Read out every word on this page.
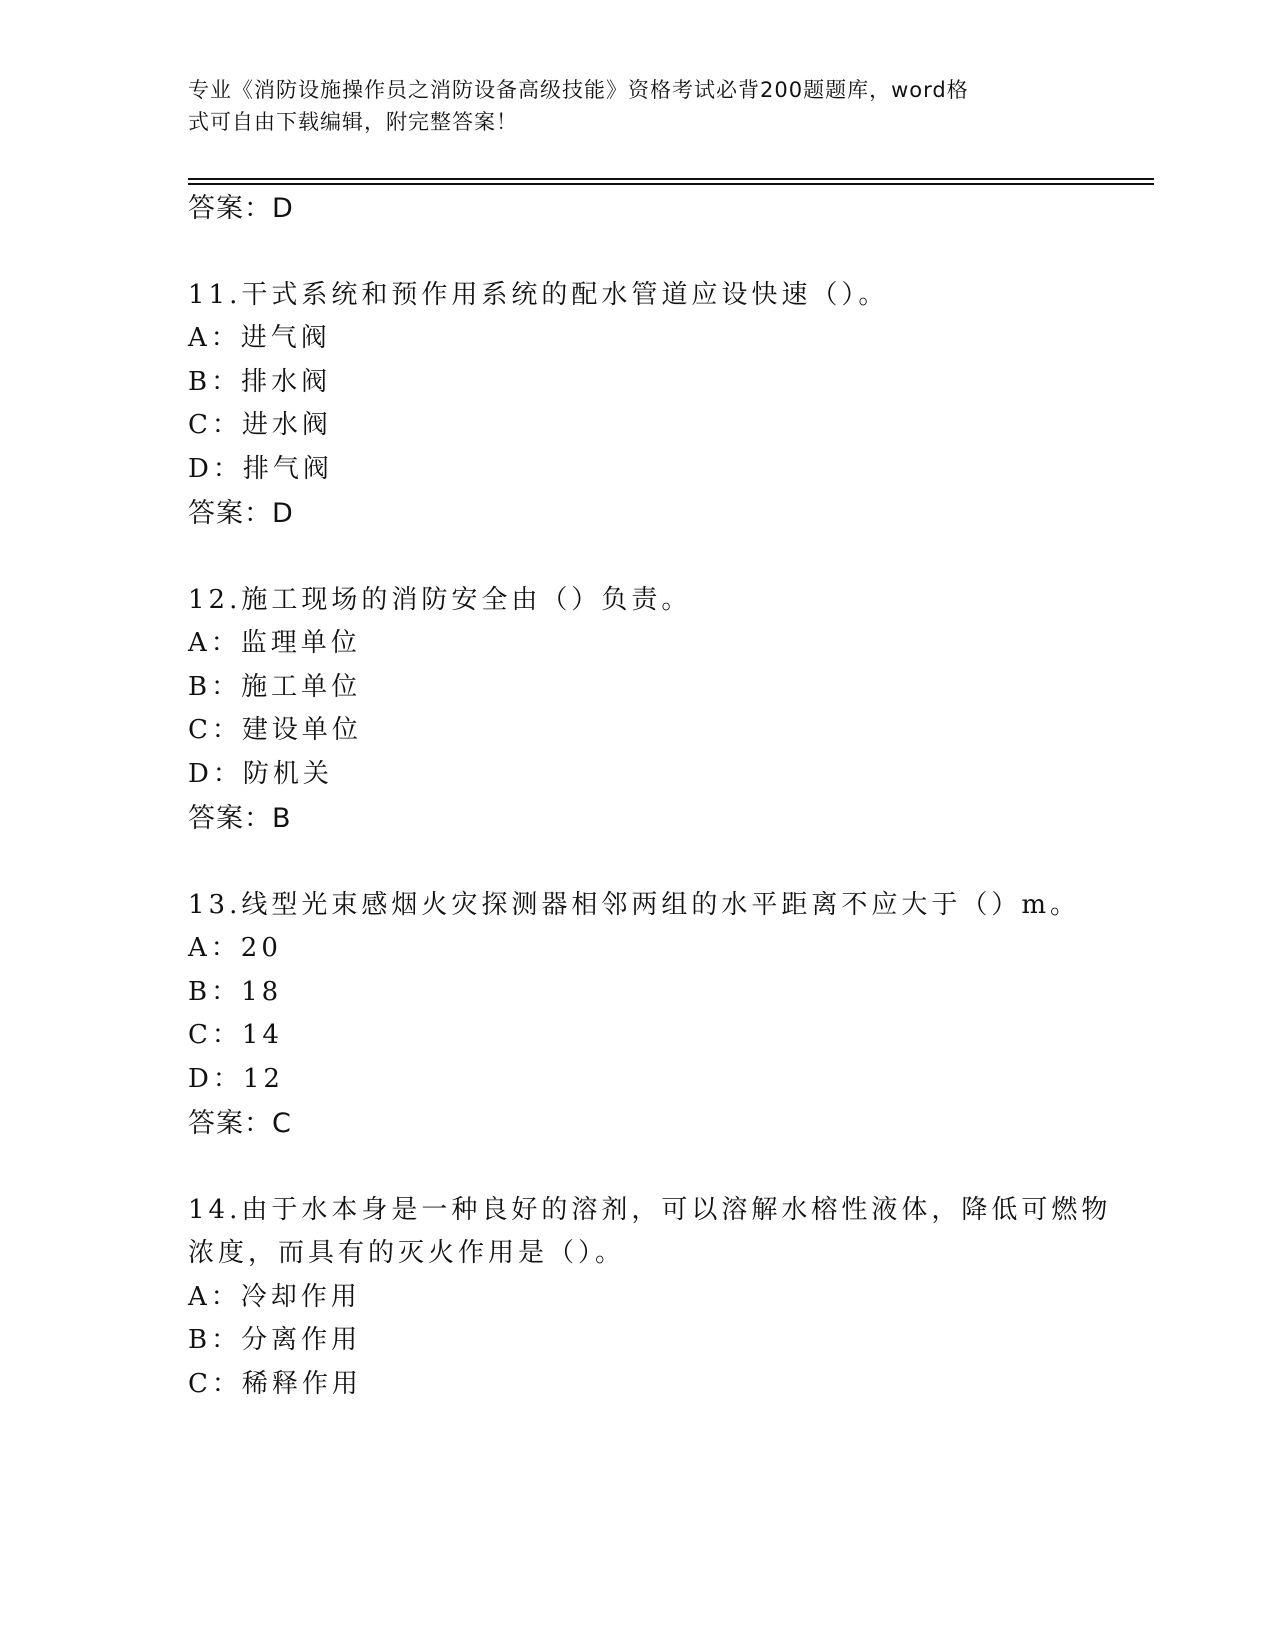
专业《消防设施操作员之消防设备高级技能》资格考试必背200题题库，word格
式可自由下载编辑，附完整答案！
答案：D
11.干式系统和预作用系统的配水管道应设快速（）。
A：进气阀
B：排水阀
C：进水阀
D：排气阀
答案：D
12.施工现场的消防安全由（）负责。
A：监理单位
B：施工单位
C：建设单位
D：防机关
答案：B
13.线型光束感烟火灾探测器相邻两组的水平距离不应大于（）m。
A：20
B：18
C：14
D：12
答案：C
14.由于水本身是一种良好的溶剂，可以溶解水榕性液体，降低可燃物
浓度，而具有的灭火作用是（）。
A：冷却作用
B：分离作用
C：稀释作用
